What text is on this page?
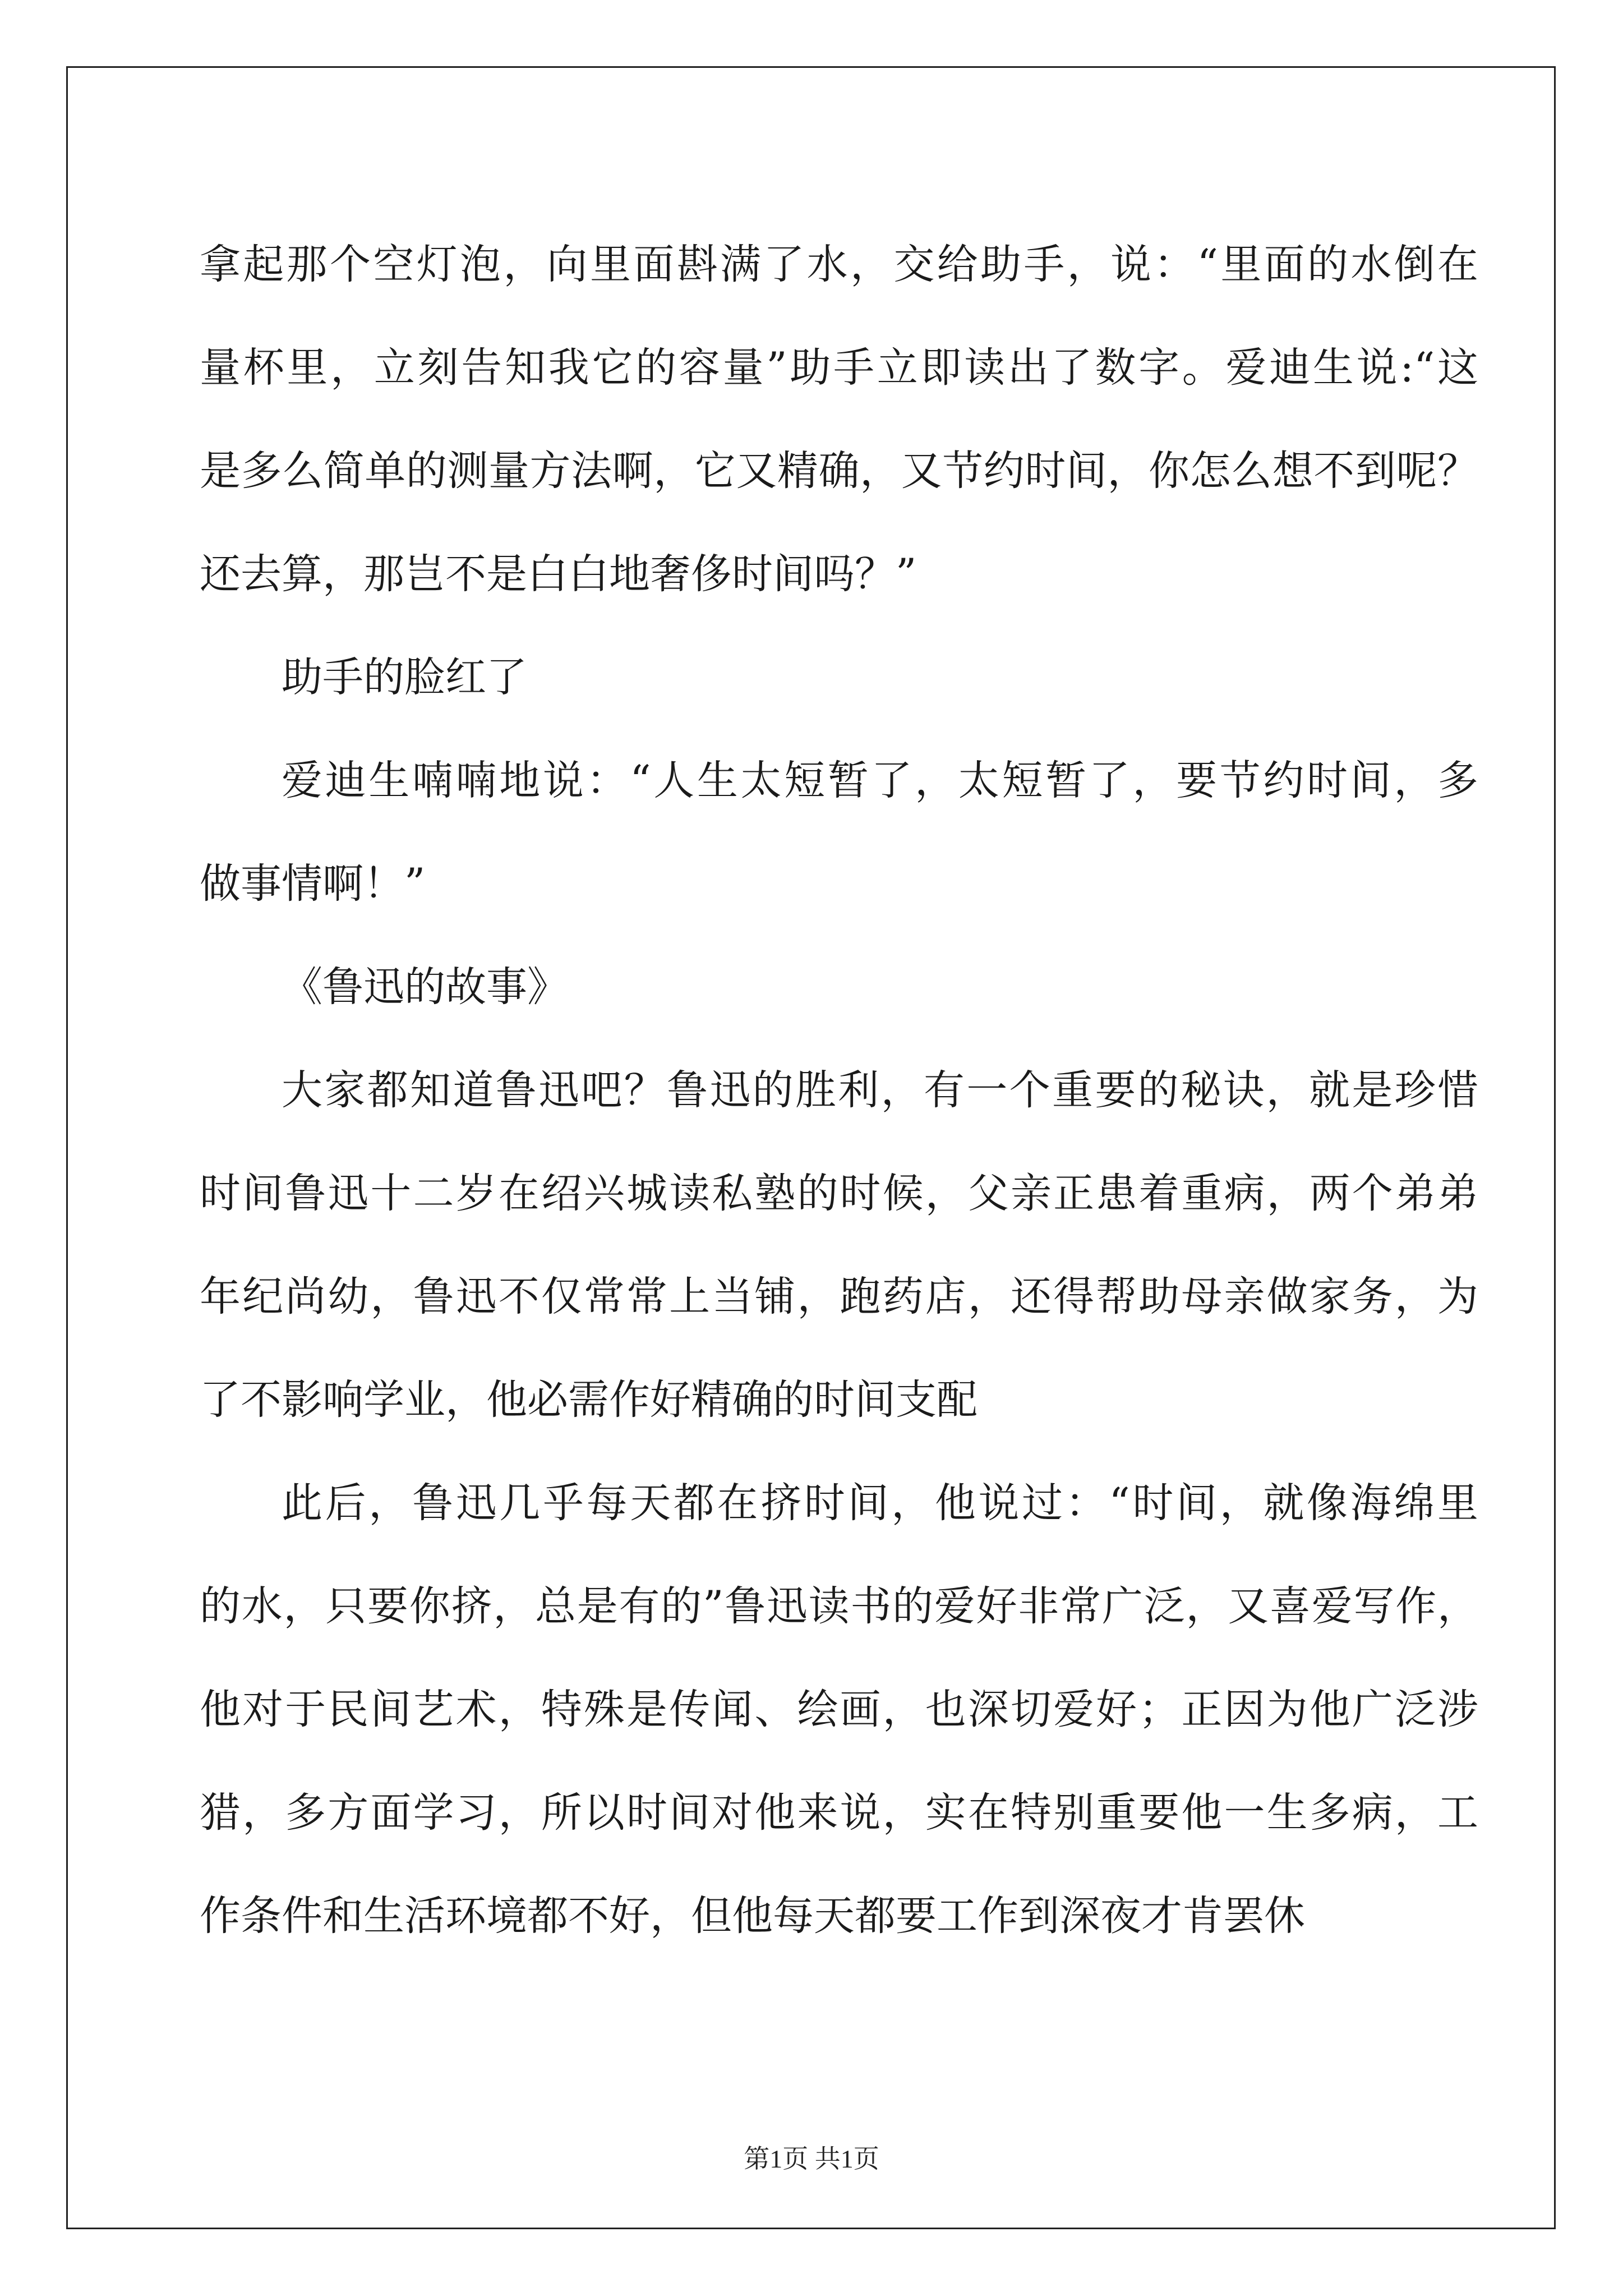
拿起那个空灯泡，向里面斟满了水，交给助手，说：“里面的水倒在
量杯里，立刻告知我它的容量”助手立即读出了数字。爱迪生说:“这
是多么简单的测量方法啊，它又精确，又节约时间，你怎么想不到呢？
还去算，那岂不是白白地奢侈时间吗？”
助手的脸红了
爱迪生喃喃地说：“人生太短暂了，太短暂了，要节约时间，多
做事情啊！”
《鲁迅的故事》
大家都知道鲁迅吧？鲁迅的胜利，有一个重要的秘诀，就是珍惜
时间鲁迅十二岁在绍兴城读私塾的时候，父亲正患着重病，两个弟弟
年纪尚幼，鲁迅不仅常常上当铺，跑药店，还得帮助母亲做家务，为
了不影响学业，他必需作好精确的时间支配
此后，鲁迅几乎每天都在挤时间，他说过：“时间，就像海绵里
的水，只要你挤，总是有的”鲁迅读书的爱好非常广泛，又喜爱写作，
他对于民间艺术，特殊是传闻、绘画，也深切爱好；正因为他广泛涉
猎，多方面学习，所以时间对他来说，实在特别重要他一生多病，工
作条件和生活环境都不好，但他每天都要工作到深夜才肯罢休
第1页 共1页
